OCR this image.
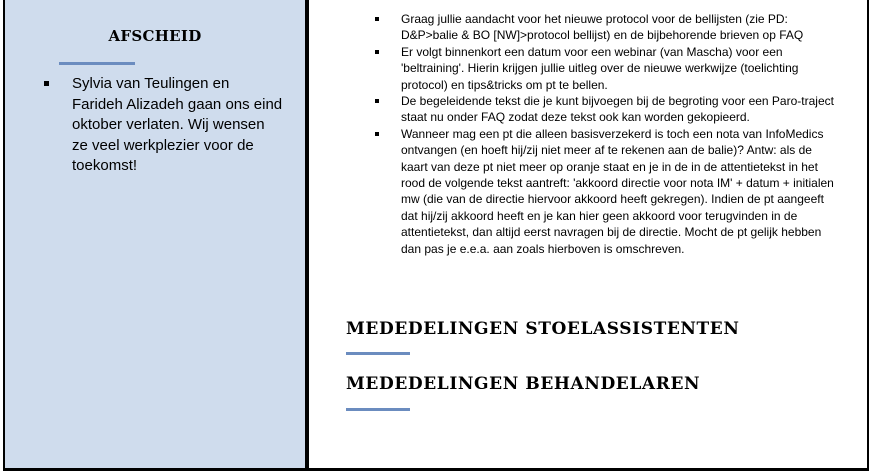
AFSCHEID
Sylvia van Teulingen en Farideh Alizadeh gaan ons eind oktober verlaten. Wij wensen ze veel werkplezier voor de toekomst!
Graag jullie aandacht voor het nieuwe protocol voor de bellijsten (zie PD: D&P>balie & BO [NW]>protocol bellijst) en de bijbehorende brieven op FAQ
Er volgt binnenkort een datum voor een webinar (van Mascha) voor een 'beltraining'. Hierin krijgen jullie uitleg over de nieuwe werkwijze (toelichting protocol) en tips&tricks om pt te bellen.
De begeleidende tekst die je kunt bijvoegen bij de begroting voor een Paro-traject staat nu onder FAQ zodat deze tekst ook kan worden gekopieerd.
Wanneer mag een pt die alleen basisverzekerd is toch een nota van InfoMedics ontvangen (en hoeft hij/zij niet meer af te rekenen aan de balie)? Antw: als de kaart van deze pt niet meer op oranje staat en je in de in de attentietekst in het rood de volgende tekst aantreft: 'akkoord directie voor nota IM' + datum + initialen mw (die van de directie hiervoor akkoord heeft gekregen). Indien de pt aangeeft dat hij/zij akkoord heeft en je kan hier geen akkoord voor terugvinden in de attentietekst, dan altijd eerst navragen bij de directie. Mocht de pt gelijk hebben dan pas je e.e.a. aan zoals hierboven is omschreven.
MEDEDELINGEN STOELASSISTENTEN
MEDEDELINGEN BEHANDELAREN
